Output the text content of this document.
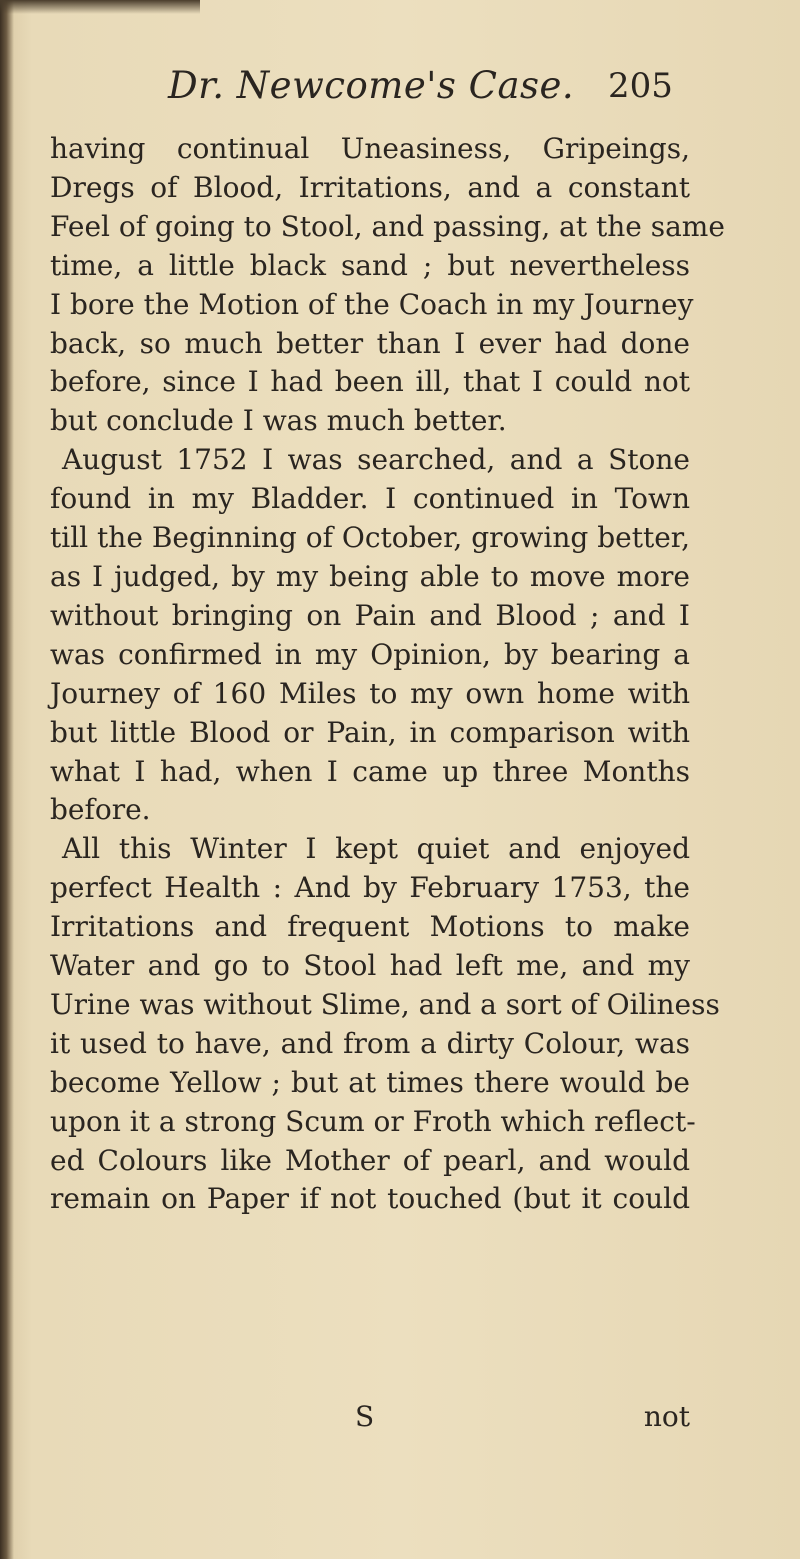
Dr. Newcome's Case. 205
having continual Uneasiness, Gripeings,
Dregs of Blood, Irritations, and a constant
Feel of going to Stool, and passing, at the same
time, a little black sand ; but nevertheless
I bore the Motion of the Coach in my Journey
back, so much better than I ever had done
before, since I had been ill, that I could not
but conclude I was much better.
August 1752 I was searched, and a Stone
found in my Bladder. I continued in Town
till the Beginning of October, growing better,
as I judged, by my being able to move more
without bringing on Pain and Blood ; and I
was confirmed in my Opinion, by bearing a
Journey of 160 Miles to my own home with
but little Blood or Pain, in comparison with
what I had, when I came up three Months
before.
All this Winter I kept quiet and enjoyed
perfect Health : And by February 1753, the
Irritations and frequent Motions to make
Water and go to Stool had left me, and my
Urine was without Slime, and a sort of Oiliness
it used to have, and from a dirty Colour, was
become Yellow ; but at times there would be
upon it a strong Scum or Froth which reflect-
ed Colours like Mother of pearl, and would
remain on Paper if not touched (but it could
S	not
